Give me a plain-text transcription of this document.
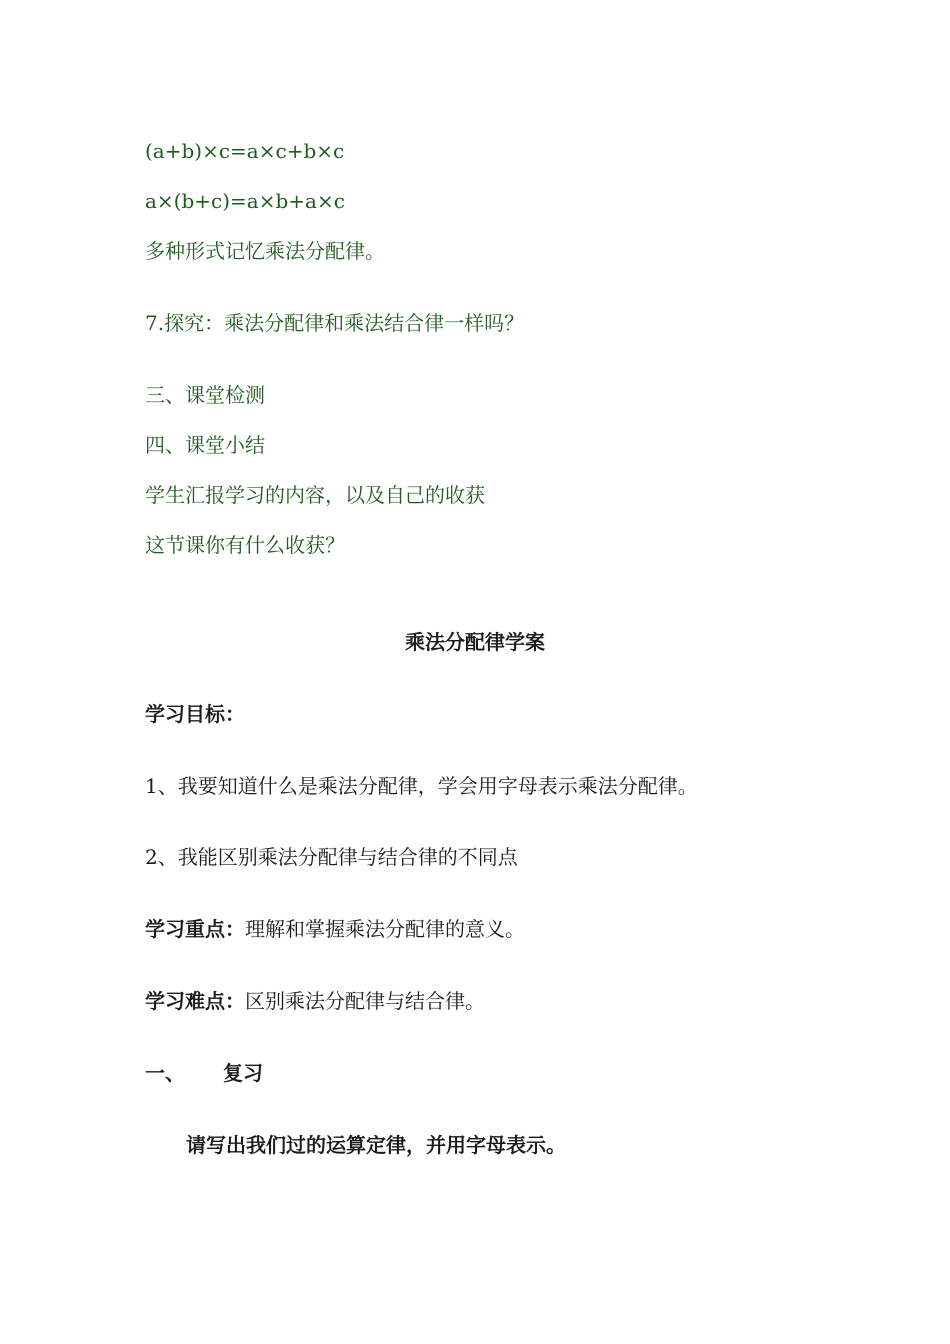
(a+b)×c=a×c+b×c
a×(b+c)=a×b+a×c
多种形式记忆乘法分配律。
7.探究：乘法分配律和乘法结合律一样吗？
三、课堂检测
四、课堂小结
学生汇报学习的内容，以及自己的收获
这节课你有什么收获？
乘法分配律学案
学习目标：
1、我要知道什么是乘法分配律，学会用字母表示乘法分配律。
2、我能区别乘法分配律与结合律的不同点
学习重点：理解和掌握乘法分配律的意义。
学习难点：区别乘法分配律与结合律。
一、 复习
请写出我们过的运算定律，并用字母表示。
